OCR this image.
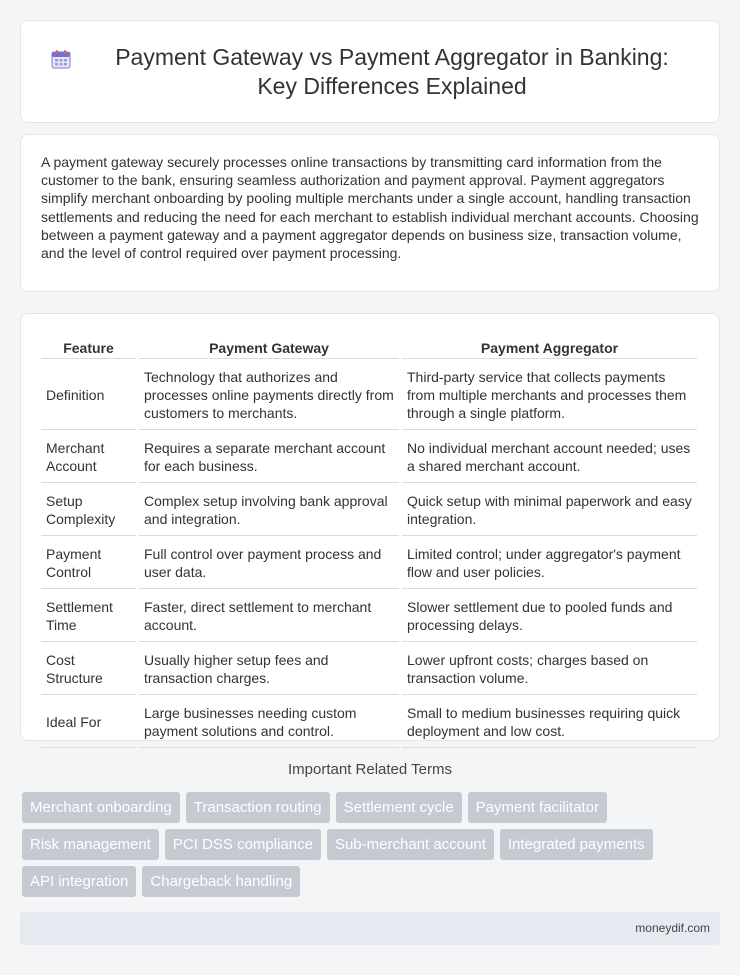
Payment Gateway vs Payment Aggregator in Banking: Key Differences Explained

A payment gateway securely processes online transactions by transmitting card information from the customer to the bank, ensuring seamless authorization and payment approval. Payment aggregators simplify merchant onboarding by pooling multiple merchants under a single account, handling transaction settlements and reducing the need for each merchant to establish individual merchant accounts. Choosing between a payment gateway and a payment aggregator depends on business size, transaction volume, and the level of control required over payment processing.

Feature	Payment Gateway	Payment Aggregator
Definition	Technology that authorizes and processes online payments directly from customers to merchants.	Third-party service that collects payments from multiple merchants and processes them through a single platform.
Merchant Account	Requires a separate merchant account for each business.	No individual merchant account needed; uses a shared merchant account.
Setup Complexity	Complex setup involving bank approval and integration.	Quick setup with minimal paperwork and easy integration.
Payment Control	Full control over payment process and user data.	Limited control; under aggregator's payment flow and user policies.
Settlement Time	Faster, direct settlement to merchant account.	Slower settlement due to pooled funds and processing delays.
Cost Structure	Usually higher setup fees and transaction charges.	Lower upfront costs; charges based on transaction volume.
Ideal For	Large businesses needing custom payment solutions and control.	Small to medium businesses requiring quick deployment and low cost.
Important Related Terms
Merchant onboarding	Transaction routing	Settlement cycle	Payment facilitator
Risk management	PCI DSS compliance	Sub-merchant account	Integrated payments
API integration	Chargeback handling
moneydif.com
